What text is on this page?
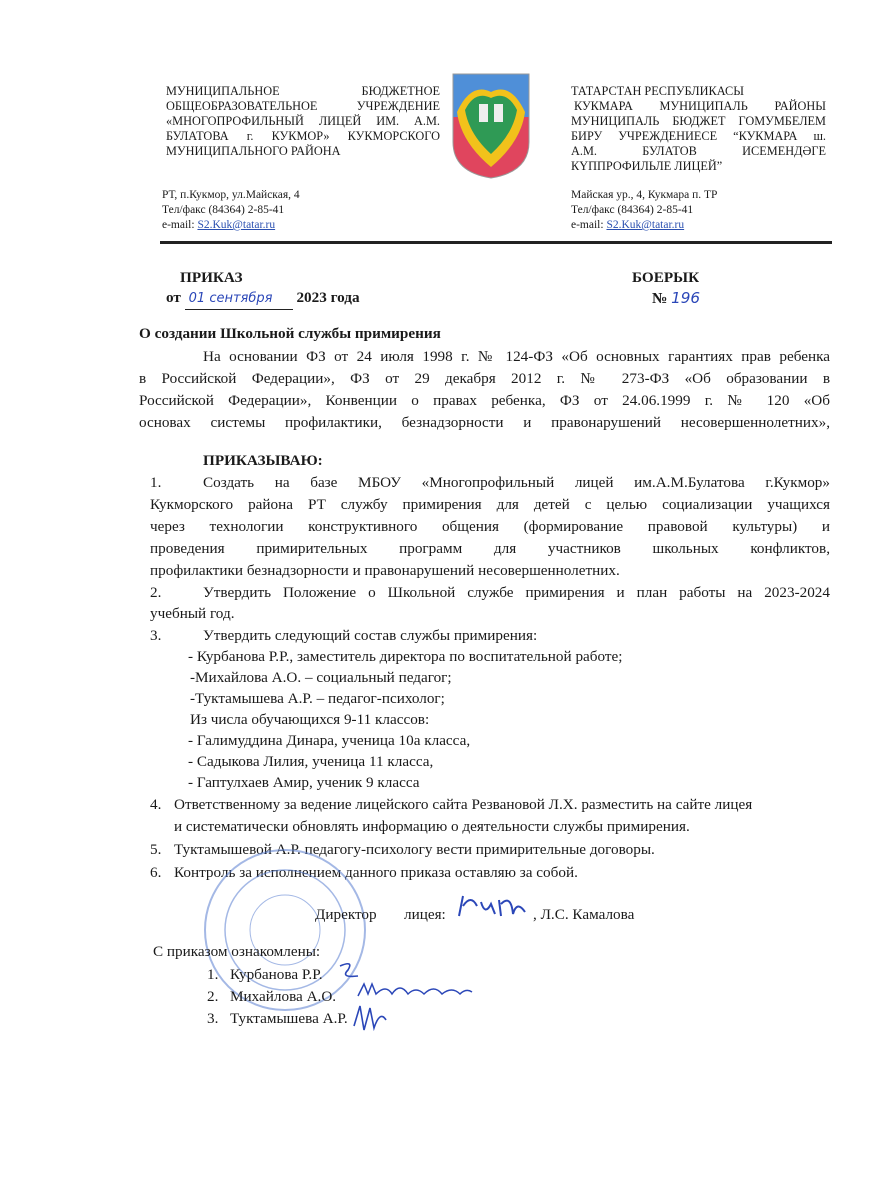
МУНИЦИПАЛЬНОЕ БЮДЖЕТНОЕ
ОБЩЕОБРАЗОВАТЕЛЬНОЕ УЧРЕЖДЕНИЕ
«МНОГОПРОФИЛЬНЫЙ ЛИЦЕЙ ИМ. А.М.
БУЛАТОВА г. КУКМОР» КУКМОРСКОГО
МУНИЦИПАЛЬНОГО РАЙОНА
РТ, п.Кукмор, ул.Майская, 4
Тел/факс (84364) 2-85-41
e-mail: S2.Kuk@tatar.ru
ТАТАРСТАН РЕСПУБЛИКАСЫ
КУКМАРА МУНИЦИПАЛЬ РАЙОНЫ
МУНИЦИПАЛЬ БЮДЖЕТ ГОМУМБЕЛЕМ
БИРУ УЧРЕЖДЕНИЕСЕ “КУКМАРА ш.
А.М. БУЛАТОВ ИСЕМЕНДӘГЕ
КҮППРОФИЛЬЛЕ ЛИЦЕЙ”
Майская ур., 4, Кукмара п. ТР
Тел/факс (84364) 2-85-41
e-mail: S2.Kuk@tatar.ru
ПРИКАЗ
от 01 сентября 2023 года
БОЕРЫК
№ 196
О создании Школьной службы примирения
На основании ФЗ от 24 июля 1998 г. № 124-ФЗ «Об основных гарантиях прав ребенка
в Российской Федерации», ФЗ от 29 декабря 2012 г. № 273-ФЗ «Об образовании в
Российской Федерации», Конвенции о правах ребенка, ФЗ от 24.06.1999 г. № 120 «Об
основах системы профилактики, безнадзорности и правонарушений несовершеннолетних»,
ПРИКАЗЫВАЮ:
1.	Создать на базе МБОУ «Многопрофильный лицей им.А.М.Булатова г.Кукмор»
Кукморского района РТ службу примирения для детей с целью социализации учащихся
через технологии конструктивного общения (формирование правовой культуры) и
проведения примирительных программ для участников школьных конфликтов,
профилактики безнадзорности и правонарушений несовершеннолетних.
2.	Утвердить Положение о Школьной службе примирения и план работы на 2023-2024
учебный год.
3.	Утвердить следующий состав службы примирения:
- Курбанова Р.Р., заместитель директора по воспитательной работе;
-Михайлова А.О. – социальный педагог;
-Туктамышева А.Р. – педагог-психолог;
Из числа обучающихся 9-11 классов:
- Галимуддина Динара, ученица 10а класса,
- Садыкова Лилия, ученица 11 класса,
- Гаптулхаев Амир, ученик 9 класса
4. Ответственному за ведение лицейского сайта Резвановой Л.Х. разместить на сайте лицея
и систематически обновлять информацию о деятельности службы примирения.
5. Туктамышевой А.Р. педагогу-психологу вести примирительные договоры.
6. Контроль за исполнением данного приказа оставляю за собой.
Директор лицея:	, Л.С. Камалова
С приказом ознакомлены:
1. Курбанова Р.Р.
2. Михайлова А.О.
3. Туктамышева А.Р.
